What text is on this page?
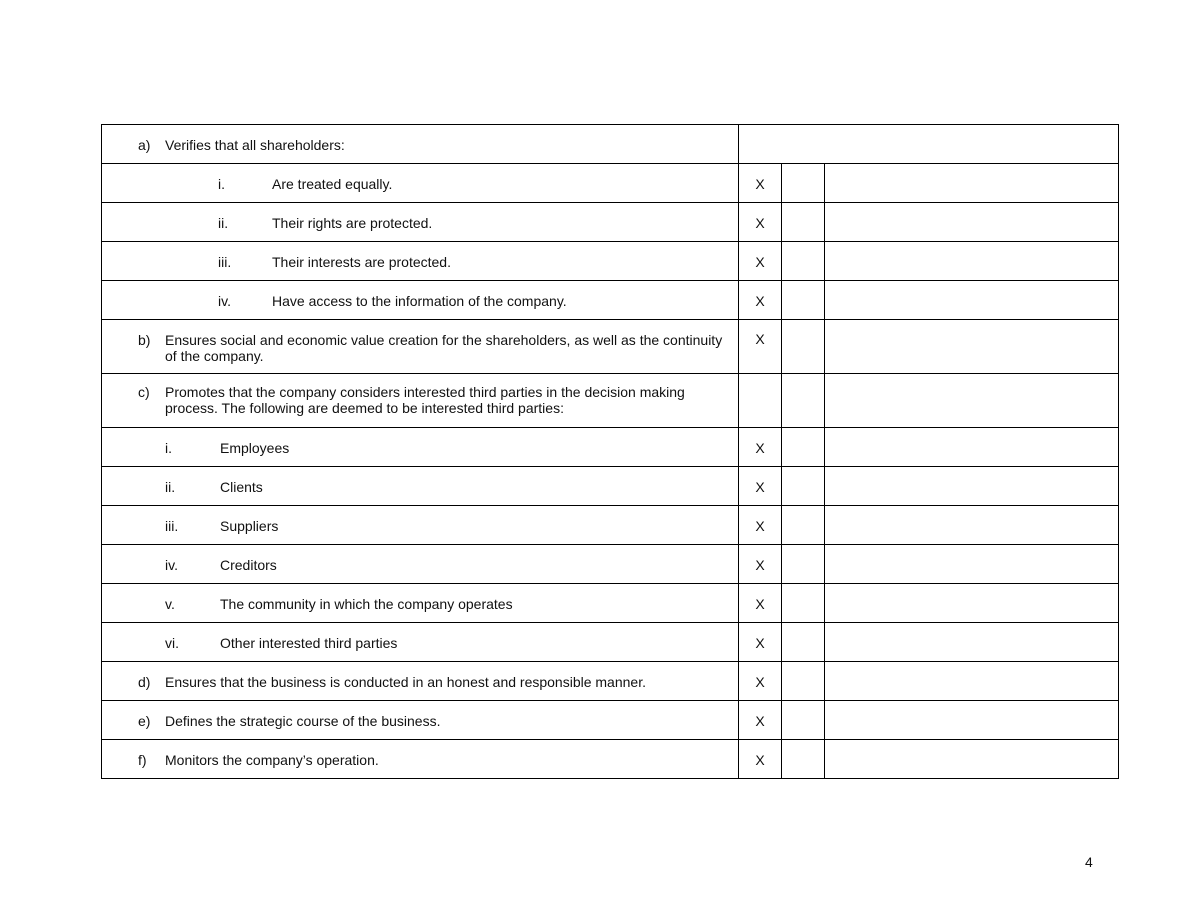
a) Verifies that all shareholders:			

i. Are treated equally.	X		

ii. Their rights are protected.	X		

iii. Their interests are protected.	X		

iv. Have access to the information of the company.	X		

b) Ensures social and economic value creation for the shareholders, as well as the continuity of the company.	X		

c) Promotes that the company considers interested third parties in the decision making process. The following are deemed to be interested third parties:			

i. Employees	X		

ii. Clients	X		

iii. Suppliers	X		

iv. Creditors	X		

v. The community in which the company operates	X		

vi. Other interested third parties	X		

d) Ensures that the business is conducted in an honest and responsible manner.	X		

e) Defines the strategic course of the business.	X		

f) Monitors the company’s operation.	X		
4
